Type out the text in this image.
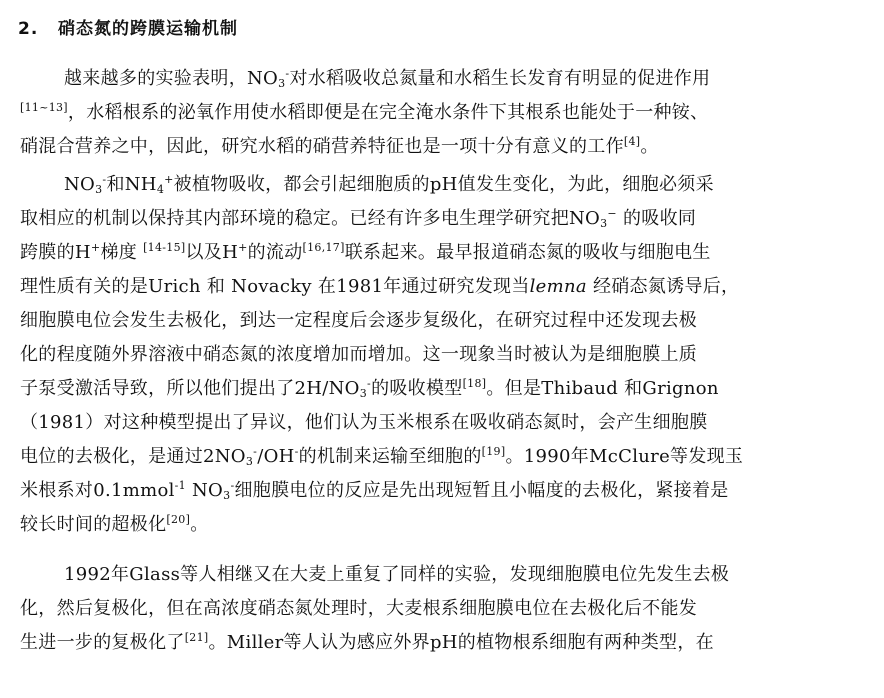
2. 硝态氮的跨膜运输机制
越来越多的实验表明，$NO_3^-$对水稻吸收总氮量和水稻生长发育有明显的促进作用
[11~13]，水稻根系的泌氧作用使水稻即便是在完全淹水条件下其根系也能处于一种铵、
硝混合营养之中，因此，研究水稻的硝营养特征也是一项十分有意义的工作[4]。
$NO_3^-$和$NH_4^+$被植物吸收，都会引起细胞质的pH值发生变化，为此，细胞必须采
取相应的机制以保持其内部环境的稳定。已经有许多电生理学研究把$NO_3^-$ 的吸收同
跨膜的H+梯度 [14-15]以及H+的流动[16,17]联系起来。最早报道硝态氮的吸收与细胞电生
理性质有关的是Urich 和 Novacky 在1981年通过研究发现当lemna 经硝态氮诱导后，
细胞膜电位会发生去极化，到达一定程度后会逐步复级化，在研究过程中还发现去极
化的程度随外界溶液中硝态氮的浓度增加而增加。这一现象当时被认为是细胞膜上质
子泵受激活导致，所以他们提出了$2H/NO_3^-$的吸收模型[18]。但是Thibaud 和Grignon
（1981）对这种模型提出了异议，他们认为玉米根系在吸收硝态氮时，会产生细胞膜
电位的去极化，是通过$2NO_3^-/OH^-$的机制来运输至细胞的[19]。1990年McClure等发现玉
米根系对0.1mmol$^{-1}$ $NO_3^-$细胞膜电位的反应是先出现短暂且小幅度的去极化，紧接着是
较长时间的超极化[20]。
1992年Glass等人相继又在大麦上重复了同样的实验，发现细胞膜电位先发生去极
化，然后复极化，但在高浓度硝态氮处理时，大麦根系细胞膜电位在去极化后不能发
生进一步的复极化了[21]。Miller等人认为感应外界pH的植物根系细胞有两种类型，在
